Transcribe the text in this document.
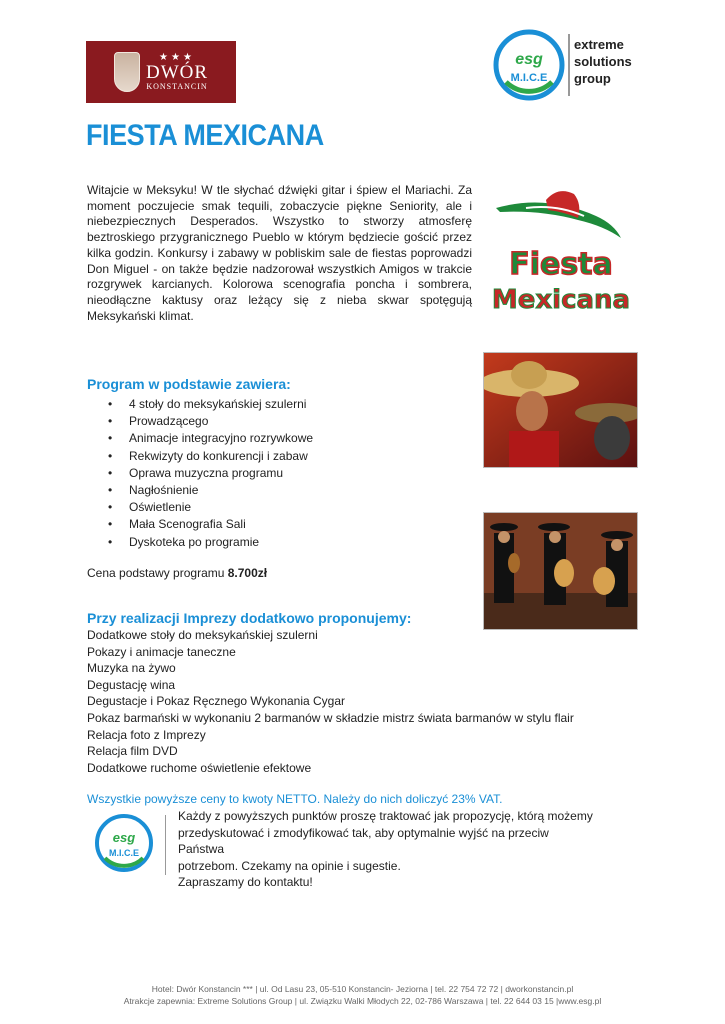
★★★
DWÓR
KONSTANCIN
esg
M.I.C.E
extreme
solutions
group
FIESTA MEXICANA

Witajcie w Meksyku! W tle słychać dźwięki gitar i śpiew el Mariachi. Za moment poczujecie smak tequili, zobaczycie piękne Seniority, ale i niebezpiecznych Desperados. Wszystko to stworzy atmosferę beztroskiego przygranicznego Pueblo w którym będziecie gościć przez kilka godzin. Konkursy i zabawy w pobliskim sale de fiestas poprowadzi Don Miguel - on także będzie nadzorował wszystkich Amigos w trakcie rozgrywek karcianych. Kolorowa scenografia poncha i sombrera, nieodłączne kaktusy oraz leżący się z nieba skwar spotęgują Meksykański klimat.

Fiesta
Mexicana
Program w podstawie zawiera:
• 4 stoły do meksykańskiej szulerni
• Prowadzącego
• Animacje integracyjno rozrywkowe
• Rekwizyty do konkurencji i zabaw
• Oprawa muzyczna programu
• Nagłośnienie
• Oświetlenie
• Mała Scenografia Sali
• Dyskoteka po programie
Cena podstawy programu 8.700zł
Przy realizacji Imprezy dodatkowo proponujemy:
Dodatkowe stoły do meksykańskiej szulerni
Pokazy i animacje taneczne
Muzyka na żywo
Degustację wina
Degustacje i Pokaz Ręcznego Wykonania Cygar
Pokaz barmański w wykonaniu 2 barmanów w składzie mistrz świata barmanów w stylu flair
Relacja foto z Imprezy
Relacja film DVD
Dodatkowe ruchome oświetlenie efektowe
Wszystkie powyższe ceny to kwoty NETTO. Należy do nich doliczyć 23% VAT.
esg
M.I.C.E
Każdy z powyższych punktów proszę traktować jak propozycję, którą możemy
przedyskutować i zmodyfikować tak, aby optymalnie wyjść na przeciw Państwa
potrzebom. Czekamy na opinie i sugestie.
Zapraszamy do kontaktu!
Hotel: Dwór Konstancin *** | ul. Od Lasu 23, 05-510 Konstancin- Jeziorna | tel. 22 754 72 72 | dworkonstancin.pl
Atrakcje zapewnia: Extreme Solutions Group | ul. Związku Walki Młodych 22, 02-786 Warszawa | tel. 22 644 03 15 |www.esg.pl
